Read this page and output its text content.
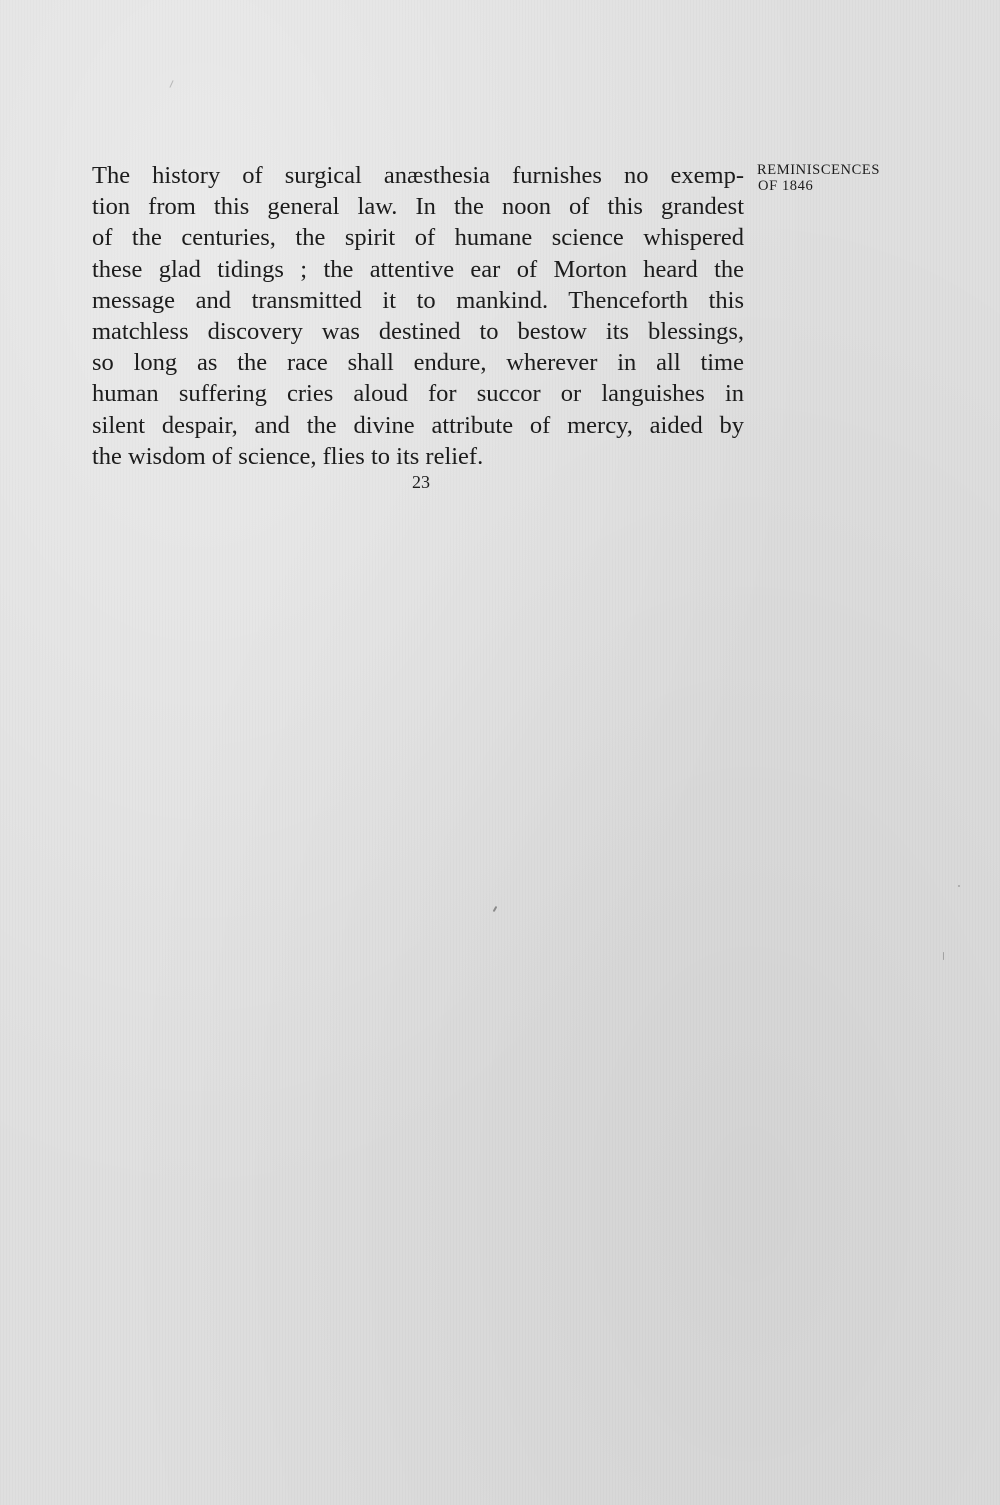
The history of surgical anæsthesia furnishes no exemp-
tion from this general law. In the noon of this grandest
of the centuries, the spirit of humane science whispered
these glad tidings ; the attentive ear of Morton heard the
message and transmitted it to mankind. Thenceforth this
matchless discovery was destined to bestow its blessings,
so long as the race shall endure, wherever in all time
human suffering cries aloud for succor or languishes in
silent despair, and the divine attribute of mercy, aided by
the wisdom of science, flies to its relief.
REMINISCENCES
OF 1846
23
